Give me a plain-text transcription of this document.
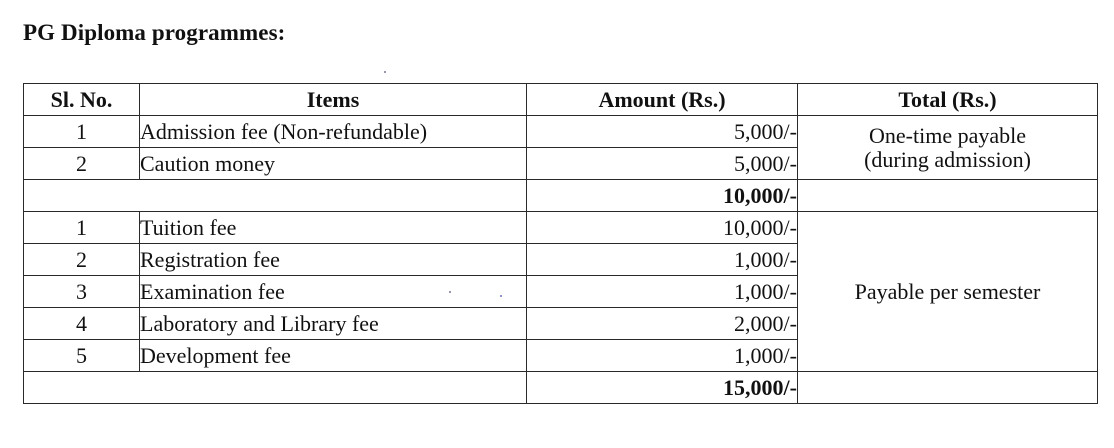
PG Diploma programmes:
Sl. No.	Items	Amount (Rs.)	Total (Rs.)
1	Admission fee (Non-refundable)	5,000/-	One-time payable
(during admission)

2	Caution money	5,000/-	
		10,000/-	
1	Tuition fee	10,000/-	Payable per semester
2	Registration fee	1,000/-	
3	Examination fee	1,000/-	
4	Laboratory and Library fee	2,000/-	
5	Development fee	1,000/-	
		15,000/-	
